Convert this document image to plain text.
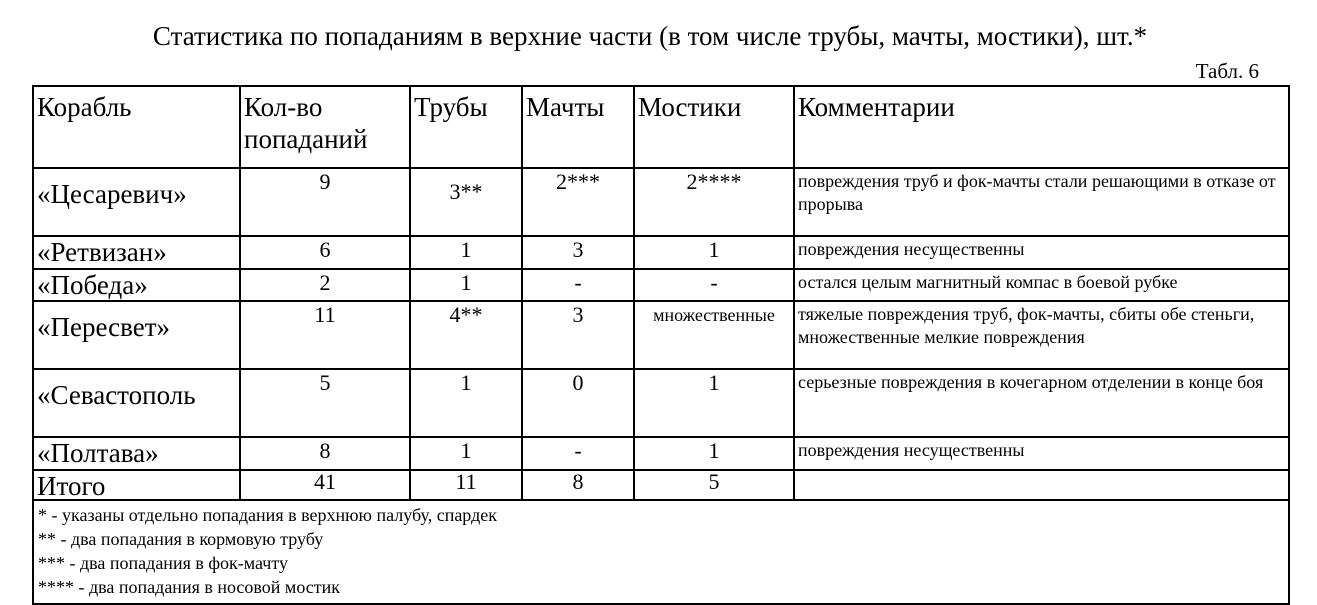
Статистика по попаданиям в верхние части (в том числе трубы, мачты, мостики), шт.*
Табл. 6
Корабль	Кол-во попаданий	Трубы	Мачты	Мостики	Комментарии
«Цесаревич»	9	3**	2***	2****	повреждения труб и фок-мачты стали решающими в отказе от прорыва
«Ретвизан»	6	1	3	1	повреждения несущественны
«Победа»	2	1	-	-	остался целым магнитный компас в боевой рубке
«Пересвет»	11	4**	3	множественные	тяжелые повреждения труб, фок-мачты, сбиты обе стеньги, множественные мелкие повреждения
«Севастополь	5	1	0	1	серьезные повреждения в кочегарном отделении в конце боя
«Полтава»	8	1	-	1	повреждения несущественны
Итого	41	11	8	5	

* - указаны отдельно попадания в верхнюю палубу, спардек
** - два попадания в кормовую трубу
*** - два попадания в фок-мачту
**** - два попадания в носовой мостик					
